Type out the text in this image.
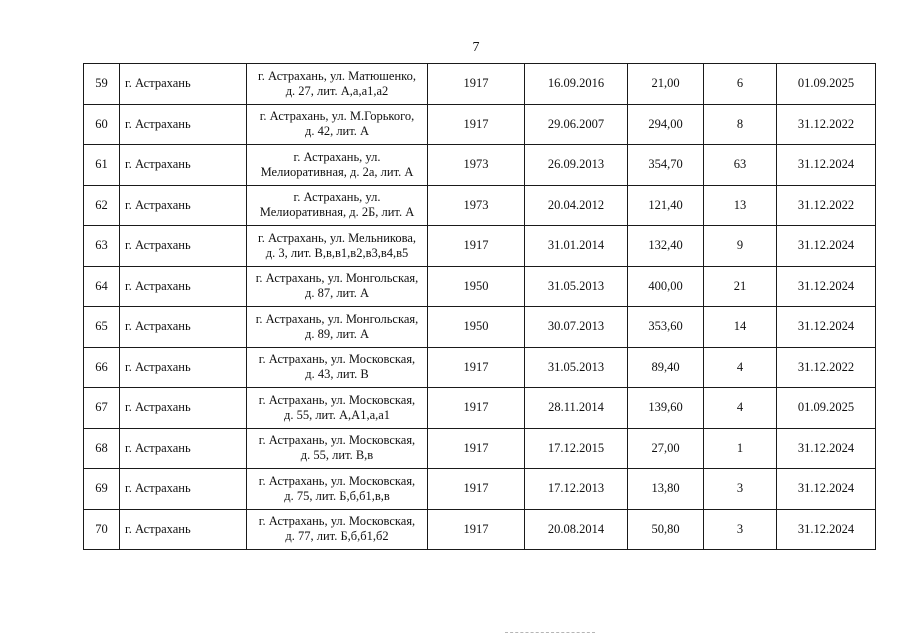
7
59	г. Астрахань	г. Астрахань, ул. Матюшенко,
д. 27, лит. А,а,а1,а2	1917	16.09.2016	21,00	6	01.09.2025
60	г. Астрахань	г. Астрахань, ул. М.Горького,
д. 42, лит. А	1917	29.06.2007	294,00	8	31.12.2022
61	г. Астрахань	г. Астрахань, ул.
Мелиоративная, д. 2а, лит. А	1973	26.09.2013	354,70	63	31.12.2024
62	г. Астрахань	г. Астрахань, ул.
Мелиоративная, д. 2Б, лит. А	1973	20.04.2012	121,40	13	31.12.2022
63	г. Астрахань	г. Астрахань, ул. Мельникова,
д. 3, лит. В,в,в1,в2,в3,в4,в5	1917	31.01.2014	132,40	9	31.12.2024
64	г. Астрахань	г. Астрахань, ул. Монгольская,
д. 87, лит. А	1950	31.05.2013	400,00	21	31.12.2024
65	г. Астрахань	г. Астрахань, ул. Монгольская,
д. 89, лит. А	1950	30.07.2013	353,60	14	31.12.2024
66	г. Астрахань	г. Астрахань, ул. Московская,
д. 43, лит. В	1917	31.05.2013	89,40	4	31.12.2022
67	г. Астрахань	г. Астрахань, ул. Московская,
д. 55, лит. А,А1,а,а1	1917	28.11.2014	139,60	4	01.09.2025
68	г. Астрахань	г. Астрахань, ул. Московская,
д. 55, лит. В,в	1917	17.12.2015	27,00	1	31.12.2024
69	г. Астрахань	г. Астрахань, ул. Московская,
д. 75, лит. Б,б,б1,в,в	1917	17.12.2013	13,80	3	31.12.2024
70	г. Астрахань	г. Астрахань, ул. Московская,
д. 77, лит. Б,б,б1,б2	1917	20.08.2014	50,80	3	31.12.2024
